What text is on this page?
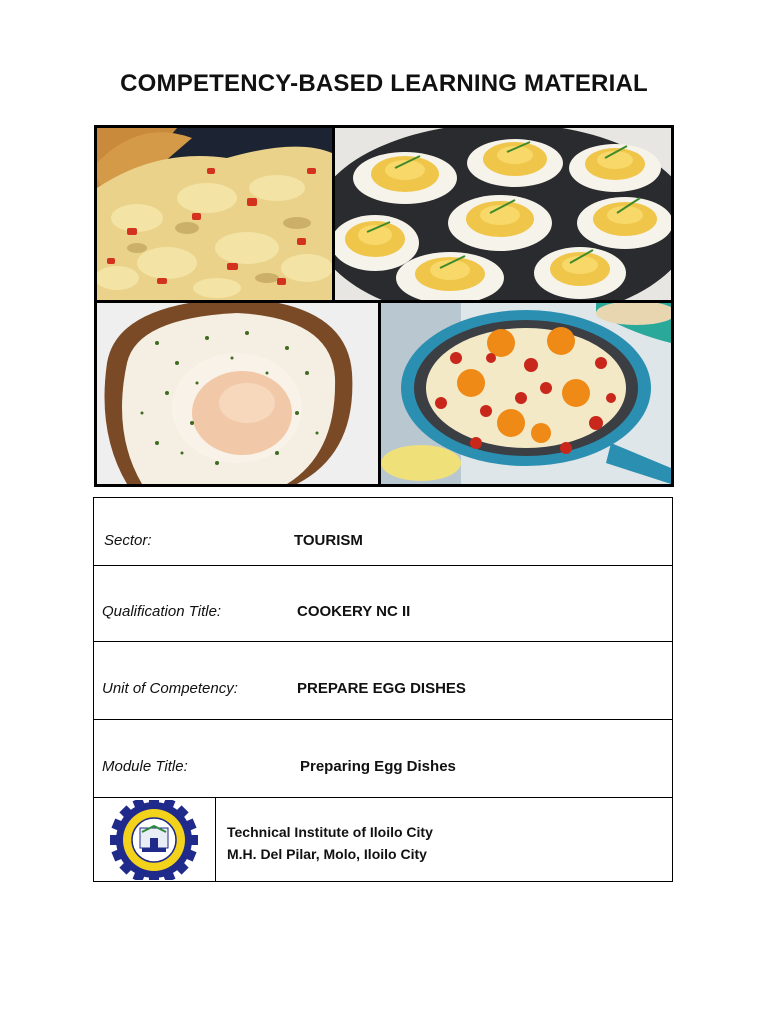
COMPETENCY-BASED LEARNING MATERIAL
Sector:	TOURISM
Qualification Title:	COOKERY NC II
Unit of Competency:	PREPARE EGG DISHES
Module Title:	Preparing Egg Dishes
Technical Institute of Iloilo City
M.H. Del Pilar, Molo, Iloilo City
